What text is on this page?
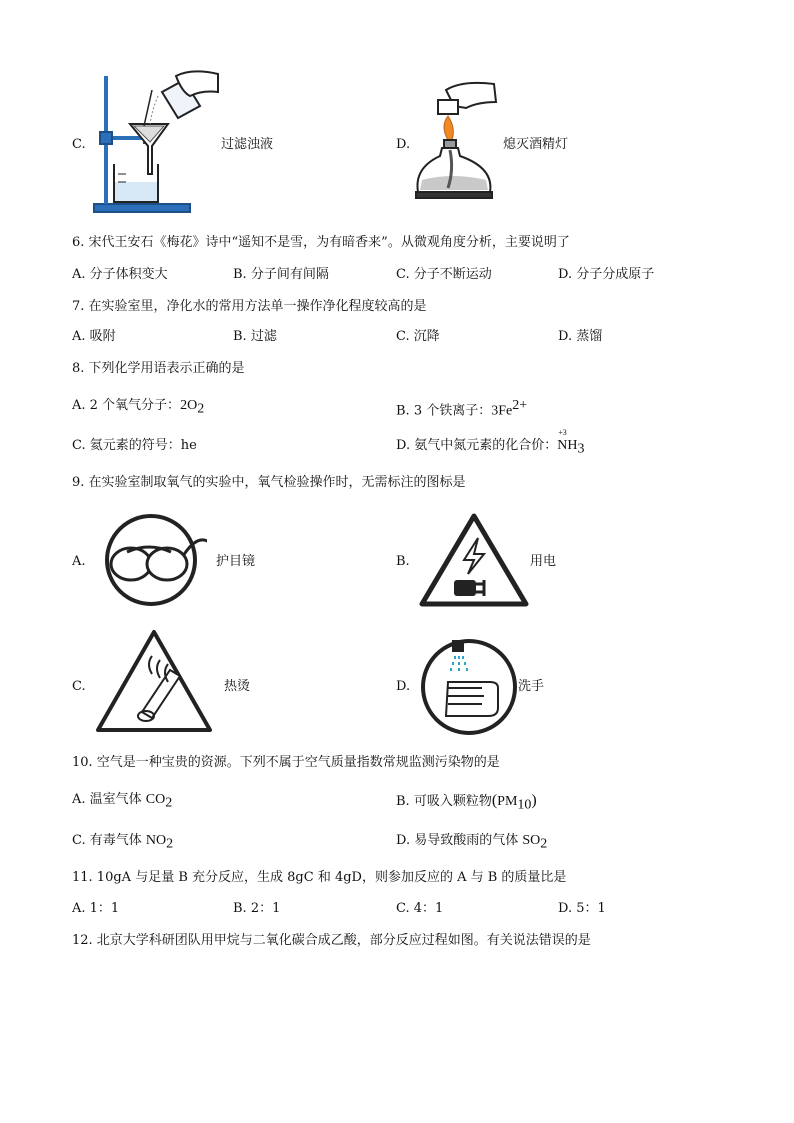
C.	过滤浊液	D.	熄灭酒精灯
6. 宋代王安石《梅花》诗中“遥知不是雪，为有暗香来”。从微观角度分析，主要说明了
A. 分子体积变大	B. 分子间有间隔	C. 分子不断运动	D. 分子分成原子
7. 在实验室里，净化水的常用方法单一操作净化程度较高的是
A. 吸附	B. 过滤	C. 沉降	D. 蒸馏
8. 下列化学用语表示正确的是
A. 2 个氧气分子：$2O_2$	B. 3 个铁离子：$3Fe^{2+}$
C. 氦元素的符号：he	D. 氨气中氮元素的化合价：
+3
$NH_3$
9. 在实验室制取氧气的实验中，氧气检验操作时，无需标注的图标是
A.	护目镜	B.	用电
C.	热烫	D.	洗手
10. 空气是一种宝贵的资源。下列不属于空气质量指数常规监测污染物的是
A. 温室气体 $CO_2$	B. 可吸入颗粒物$(PM_{10})$
C. 有毒气体 $NO_2$	D. 易导致酸雨的气体 $SO_2$
11. 10gA 与足量 B 充分反应，生成 8gC 和 4gD，则参加反应的 A 与 B 的质量比是
A. 1：1	B. 2：1	C. 4：1	D. 5：1
12. 北京大学科研团队用甲烷与二氧化碳合成乙酸，部分反应过程如图。有关说法错误的是
